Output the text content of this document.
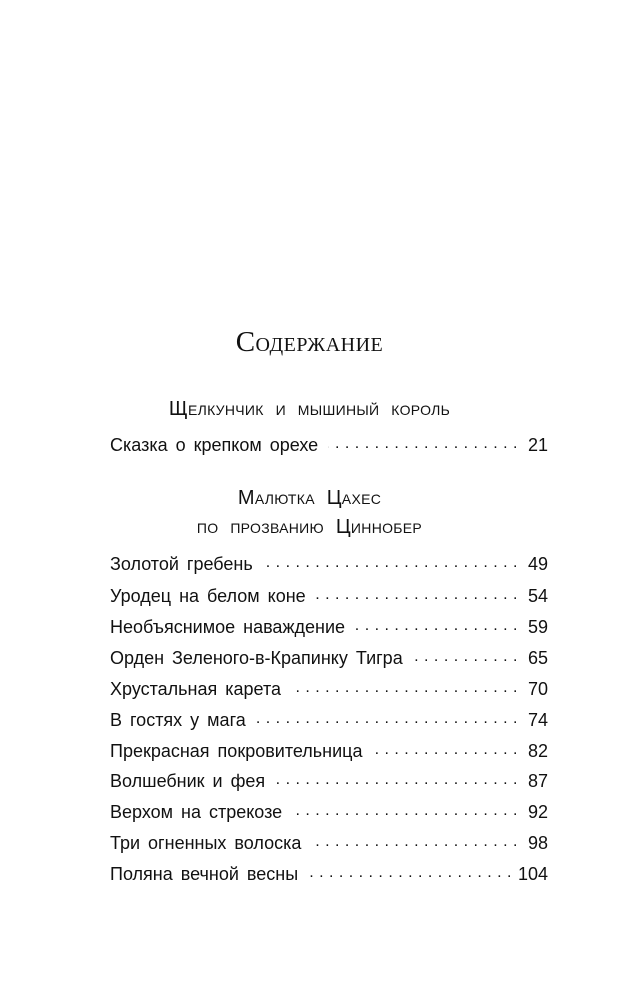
Содержание
Щелкунчик и мышиный король
Сказка о крепком орехе . . .	21
Малютка Цахес
по прозванию Циннобер
Золотой гребень . . .	49
Уродец на белом коне . . .	54
Необъяснимое наваждение . . .	59
Орден Зеленого-в-Крапинку Тигра . . .	65
Хрустальная карета . . .	70
В гостях у мага . . .	74
Прекрасная покровительница . . .	82
Волшебник и фея . . .	87
Верхом на стрекозе . . .	92
Три огненных волоска . . .	98
Поляна вечной весны . . .	104
